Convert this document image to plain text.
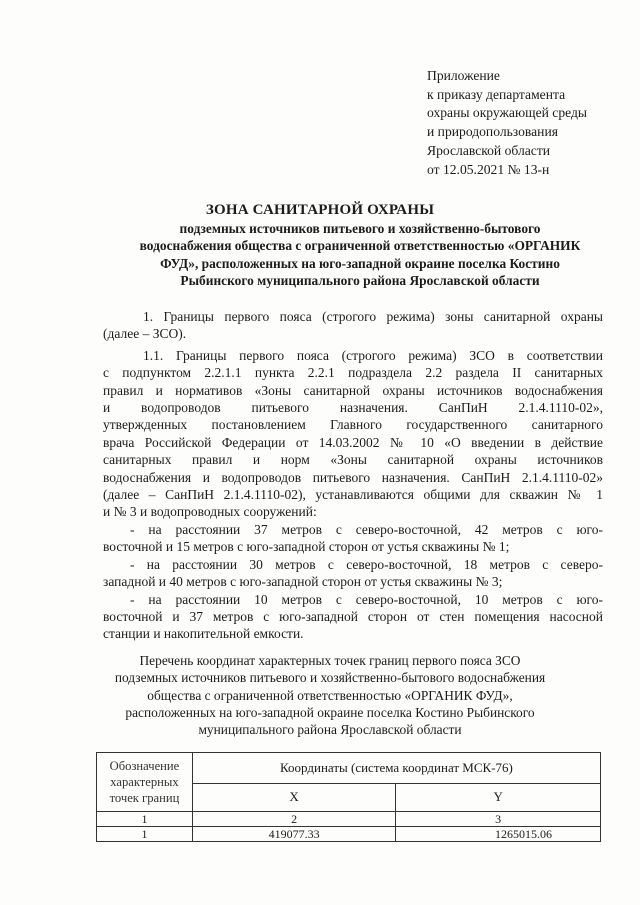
Приложение
к приказу департамента
охраны окружающей среды
и природопользования
Ярославской области
от 12.05.2021 № 13-н
ЗОНА САНИТАРНОЙ ОХРАНЫ
подземных источников питьевого и хозяйственно-бытового
водоснабжения общества с ограниченной ответственностью «ОРГАНИК
ФУД», расположенных на юго-западной окраине поселка Костино
Рыбинского муниципального района Ярославской области

1. Границы первого пояса (строгого режима) зоны санитарной охраны

(далее – ЗСО).

1.1. Границы первого пояса (строгого режима) ЗСО в соответствии

с подпунктом 2.2.1.1 пункта 2.2.1 подраздела 2.2 раздела II санитарных

правил и нормативов «Зоны санитарной охраны источников водоснабжения

и водопроводов питьевого назначения. СанПиН 2.1.4.1110-02»,

утвержденных постановлением Главного государственного санитарного

врача Российской Федерации от 14.03.2002 № 10 «О введении в действие

санитарных правил и норм «Зоны санитарной охраны источников

водоснабжения и водопроводов питьевого назначения. СанПиН 2.1.4.1110-02»

(далее – СанПиН 2.1.4.1110-02), устанавливаются общими для скважин № 1

и № 3 и водопроводных сооружений:

- на расстоянии 37 метров с северо-восточной, 42 метров с юго-

восточной и 15 метров с юго-западной сторон от устья скважины № 1;

- на расстоянии 30 метров с северо-восточной, 18 метров с северо-

западной и 40 метров с юго-западной сторон от устья скважины № 3;

- на расстоянии 10 метров с северо-восточной, 10 метров с юго-

восточной и 37 метров с юго-западной сторон от стен помещения насосной

станции и накопительной емкости.

Перечень координат характерных точек границ первого пояса ЗСО
подземных источников питьевого и хозяйственно-бытового водоснабжения
общества с ограниченной ответственностью «ОРГАНИК ФУД»,
расположенных на юго-западной окраине поселка Костино Рыбинского
муниципального района Ярославской области
Обозначение
характерных
точек границ	Координаты (система координат МСК-76)	
	X	Y
1	2	3
1	419077.33	1265015.06
